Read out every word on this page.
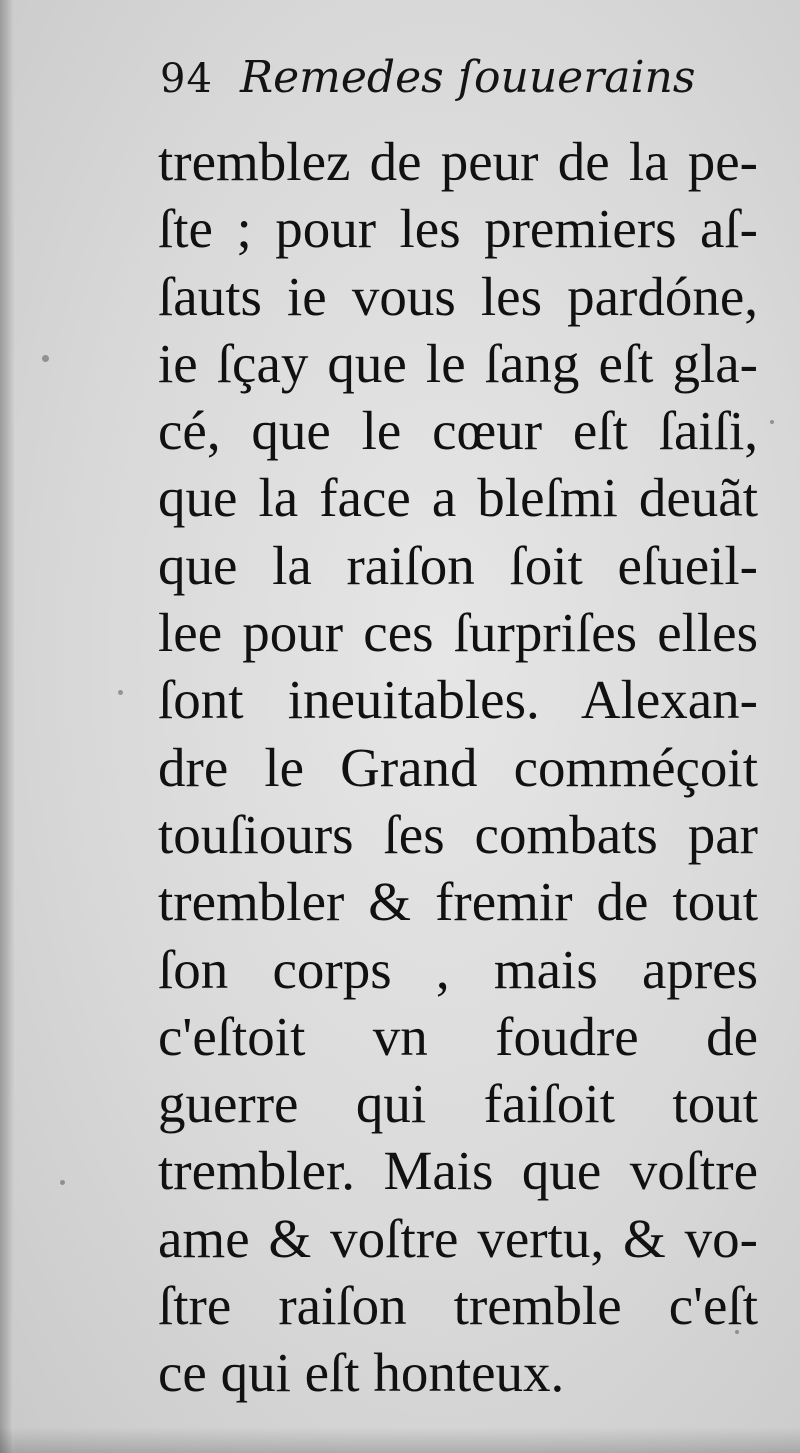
94 Remedes ſouuerains
tremblez de peur de la pe-
ſte ; pour les premiers aſ-
ſauts ie vous les pardóne,
ie ſçay que le ſang eſt gla-
cé, que le cœur eſt ſaiſi,
que la face a bleſmi deuãt
que la raiſon ſoit eſueil-
lee pour ces ſurpriſes elles
ſont ineuitables. Alexan-
dre le Grand comméçoit
touſiours ſes combats par
trembler & fremir de tout
ſon corps , mais apres
c'eſtoit vn foudre de
guerre qui faiſoit tout
trembler. Mais que voſtre
ame & voſtre vertu, & vo-
ſtre raiſon tremble c'eſt
ce qui eſt honteux.
